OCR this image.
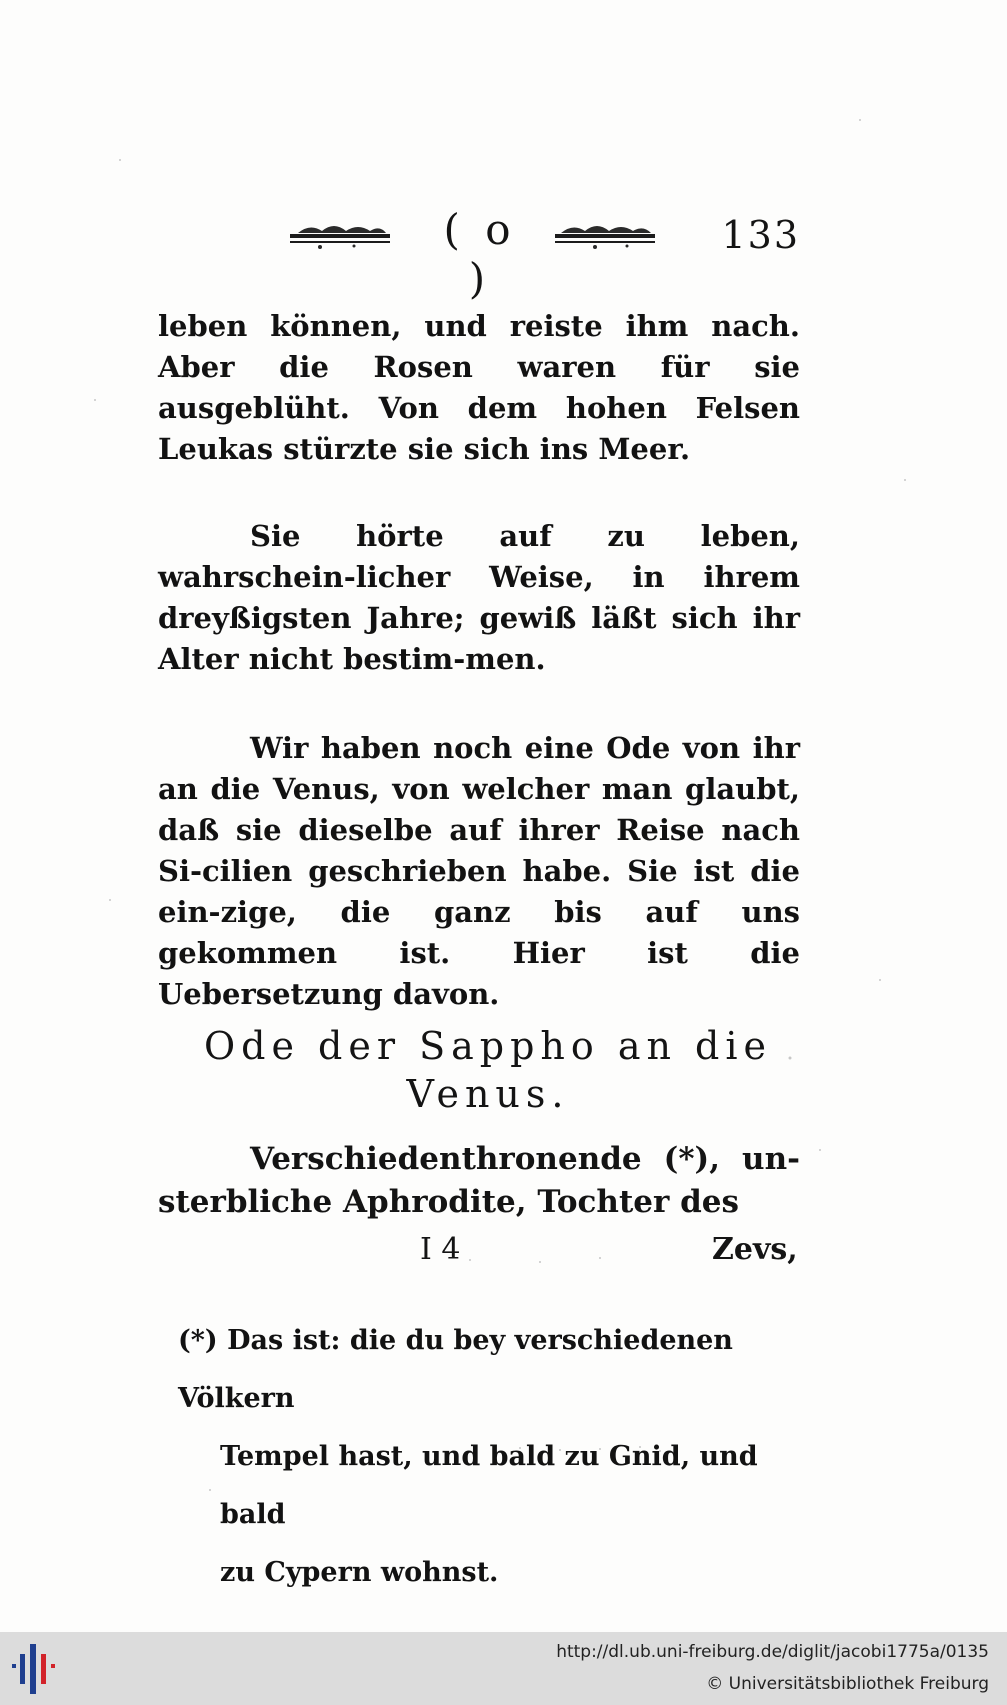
( o )
133

leben können, und reiste ihm nach. Aber die Rosen waren für sie ausgeblüht. Von dem hohen Felsen Leukas stürzte sie sich ins Meer.

Sie hörte auf zu leben, wahrschein-licher Weise, in ihrem dreyßigsten Jahre; gewiß läßt sich ihr Alter nicht bestim-men.

Wir haben noch eine Ode von ihr an die Venus, von welcher man glaubt, daß sie dieselbe auf ihrer Reise nach Si-cilien geschrieben habe. Sie ist die ein-zige, die ganz bis auf uns gekommen ist. Hier ist die Uebersetzung davon.

Ode der Sappho an die
Venus.
Verschiedenthronende (*), un-sterbliche Aphrodite, Tochter des
I 4	Zevs,
(*) Das ist: die du bey verschiedenen Völkern
Tempel hast, und bald zu Gnid, und bald
zu Cypern wohnst.
http://dl.ub.uni-freiburg.de/diglit/jacobi1775a/0135
© Universitätsbibliothek Freiburg
